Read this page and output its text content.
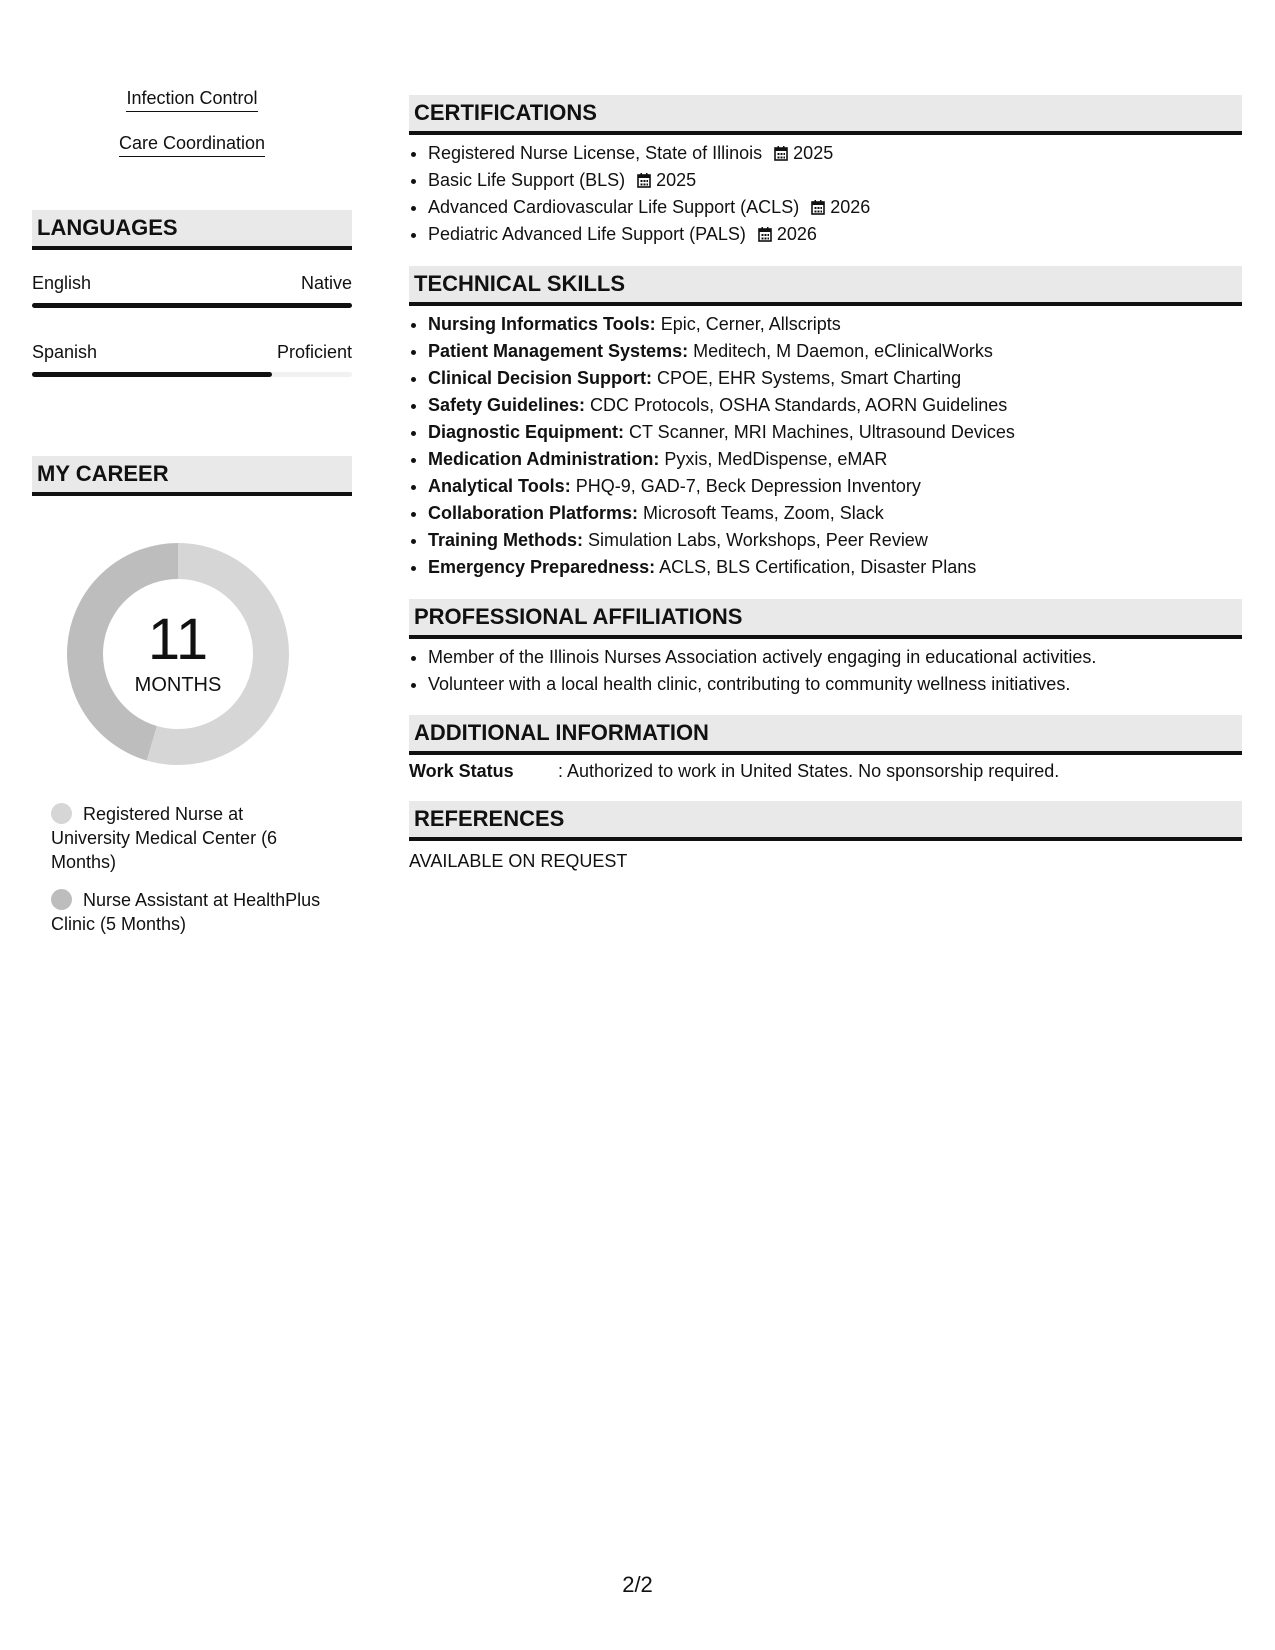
Infection Control
Care Coordination
LANGUAGES
English	Native
Spanish	Proficient
MY CAREER
11
MONTHS
Registered Nurse at University Medical Center (6 Months)
Nurse Assistant at HealthPlus Clinic (5 Months)
CERTIFICATIONS
• Registered Nurse License, State of Illinois 2025
• Basic Life Support (BLS) 2025
• Advanced Cardiovascular Life Support (ACLS) 2026
• Pediatric Advanced Life Support (PALS) 2026
TECHNICAL SKILLS
• Nursing Informatics Tools: Epic, Cerner, Allscripts
• Patient Management Systems: Meditech, M Daemon, eClinicalWorks
• Clinical Decision Support: CPOE, EHR Systems, Smart Charting
• Safety Guidelines: CDC Protocols, OSHA Standards, AORN Guidelines
• Diagnostic Equipment: CT Scanner, MRI Machines, Ultrasound Devices
• Medication Administration: Pyxis, MedDispense, eMAR
• Analytical Tools: PHQ-9, GAD-7, Beck Depression Inventory
• Collaboration Platforms: Microsoft Teams, Zoom, Slack
• Training Methods: Simulation Labs, Workshops, Peer Review
• Emergency Preparedness: ACLS, BLS Certification, Disaster Plans
PROFESSIONAL AFFILIATIONS
• Member of the Illinois Nurses Association actively engaging in educational activities.
• Volunteer with a local health clinic, contributing to community wellness initiatives.
ADDITIONAL INFORMATION
Work Status : Authorized to work in United States. No sponsorship required.
REFERENCES
AVAILABLE ON REQUEST
2/2
